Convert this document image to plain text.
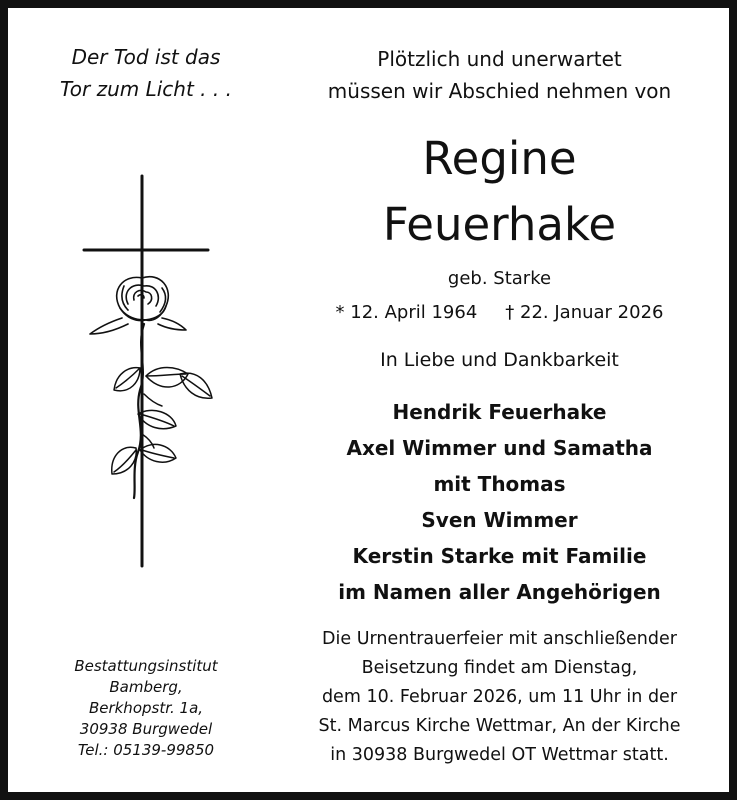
Der Tod ist das
Tor zum Licht . . .
Bestattungsinstitut
Bamberg,
Berkhopstr. 1a,
30938 Burgwedel
Tel.: 05139-99850
Plötzlich und unerwartet
müssen wir Abschied nehmen von
Regine
Feuerhake
geb. Starke
* 12. April 1964 † 22. Januar 2026
In Liebe und Dankbarkeit
Hendrik Feuerhake
Axel Wimmer und Samatha
mit Thomas
Sven Wimmer
Kerstin Starke mit Familie
im Namen aller Angehörigen
Die Urnentrauerfeier mit anschließender
Beisetzung findet am Dienstag,
dem 10. Februar 2026, um 11 Uhr in der
St. Marcus Kirche Wettmar, An der Kirche
in 30938 Burgwedel OT Wettmar statt.
